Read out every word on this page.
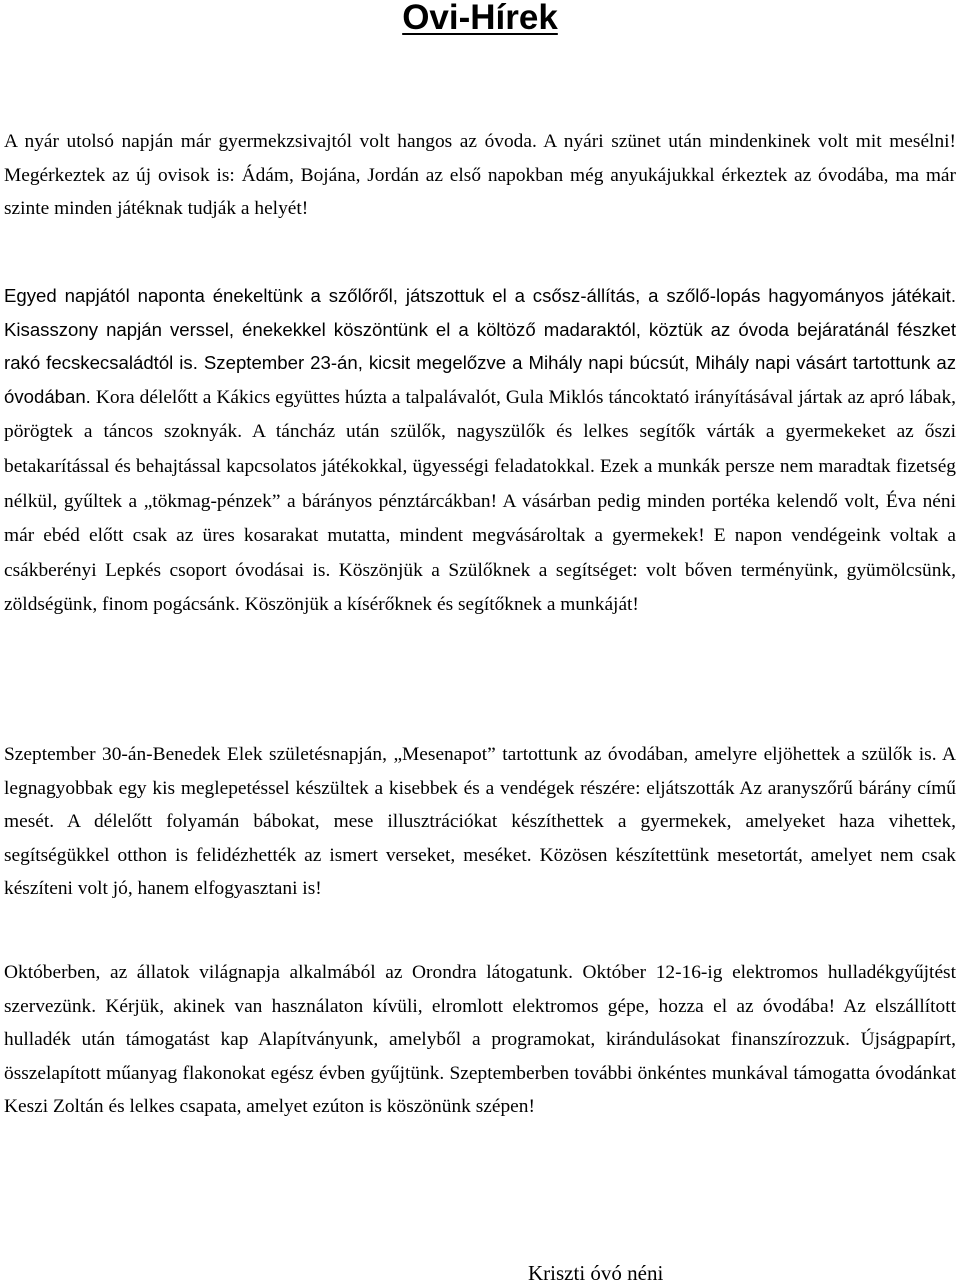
Ovi-Hírek

A nyár utolsó napján már gyermekzsivajtól volt hangos az óvoda. A nyári szünet után mindenkinek volt mit mesélni! Megérkeztek az új ovisok is: Ádám, Bojána, Jordán az első napokban még anyukájukkal érkeztek az óvodába, ma már szinte minden játéknak tudják a helyét!

Egyed napjától naponta énekeltünk a szőlőről, játszottuk el a csősz-állítás, a szőlő-lopás hagyományos játékait. Kisasszony napján verssel, énekekkel köszöntünk el a költöző madaraktól, köztük az óvoda bejáratánál fészket rakó fecskecsaládtól is. Szeptember 23-án, kicsit megelőzve a Mihály napi búcsút, Mihály napi vásárt tartottunk az óvodában. Kora délelőtt a Kákics együttes húzta a talpalávalót, Gula Miklós táncoktató irányításával jártak az apró lábak, pörögtek a táncos szoknyák. A táncház után szülők, nagyszülők és lelkes segítők várták a gyermekeket az őszi betakarítással és behajtással kapcsolatos játékokkal, ügyességi feladatokkal. Ezek a munkák persze nem maradtak fizetség nélkül, gyűltek a „tökmag-pénzek” a bárányos pénztárcákban! A vásárban pedig minden portéka kelendő volt, Éva néni már ebéd előtt csak az üres kosarakat mutatta, mindent megvásároltak a gyermekek! E napon vendégeink voltak a csákberényi Lepkés csoport óvodásai is. Köszönjük a Szülőknek a segítséget: volt bőven terményünk, gyümölcsünk, zöldségünk, finom pogácsánk. Köszönjük a kísérőknek és segítőknek a munkáját!

Szeptember 30-án-Benedek Elek születésnapján, „Mesenapot” tartottunk az óvodában, amelyre eljöhettek a szülők is. A legnagyobbak egy kis meglepetéssel készültek a kisebbek és a vendégek részére: eljátszották Az aranyszőrű bárány című mesét. A délelőtt folyamán bábokat, mese illusztrációkat készíthettek a gyermekek, amelyeket haza vihettek, segítségükkel otthon is felidézhették az ismert verseket, meséket. Közösen készítettünk mesetortát, amelyet nem csak készíteni volt jó, hanem elfogyasztani is!

Októberben, az állatok világnapja alkalmából az Orondra látogatunk. Október 12-16-ig elektromos hulladékgyűjtést szervezünk. Kérjük, akinek van használaton kívüli, elromlott elektromos gépe, hozza el az óvodába! Az elszállított hulladék után támogatást kap Alapítványunk, amelyből a programokat, kirándulásokat finanszírozzuk. Újságpapírt, összelapított műanyag flakonokat egész évben gyűjtünk. Szeptemberben további önkéntes munkával támogatta óvodánkat Keszi Zoltán és lelkes csapata, amelyet ezúton is köszönünk szépen!

Kriszti óvó néni
